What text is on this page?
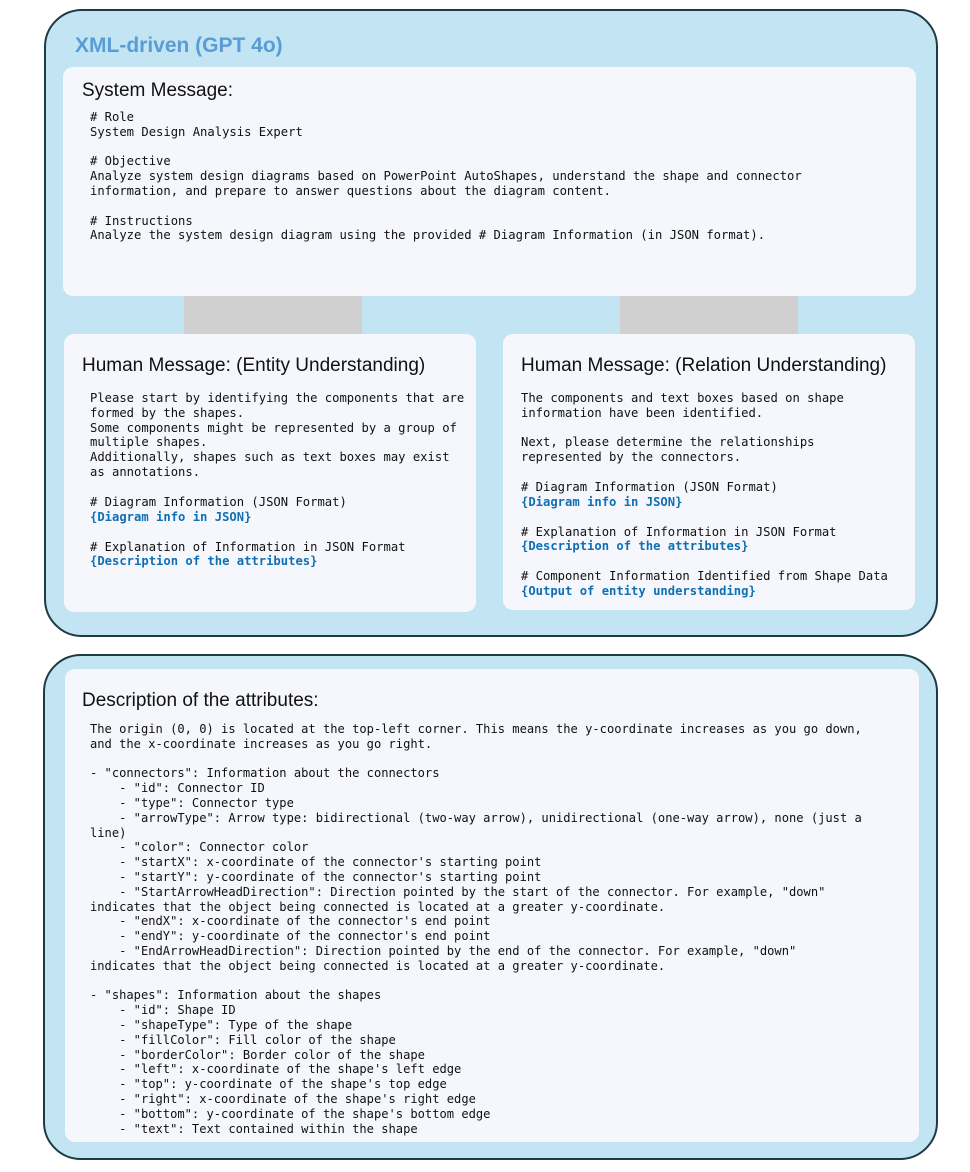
XML-driven (GPT 4o)
System Message:
# Role
System Design Analysis Expert

# Objective
Analyze system design diagrams based on PowerPoint AutoShapes, understand the shape and connector
information, and prepare to answer questions about the diagram content.

# Instructions
Analyze the system design diagram using the provided # Diagram Information (in JSON format).
Human Message: (Entity Understanding)
Please start by identifying the components that are
formed by the shapes.
Some components might be represented by a group of
multiple shapes.
Additionally, shapes such as text boxes may exist
as annotations.

# Diagram Information (JSON Format)
{Diagram info in JSON}
# Explanation of Information in JSON Format
{Description of the attributes}
Human Message: (Relation Understanding)
The components and text boxes based on shape
information have been identified.

Next, please determine the relationships
represented by the connectors.

# Diagram Information (JSON Format)
{Diagram info in JSON}
# Explanation of Information in JSON Format
{Description of the attributes}
# Component Information Identified from Shape Data
{Output of entity understanding}
Description of the attributes:
The origin (0, 0) is located at the top-left corner. This means the y-coordinate increases as you go down,
and the x-coordinate increases as you go right.

- "connectors": Information about the connectors
- "id": Connector ID
- "type": Connector type
- "arrowType": Arrow type: bidirectional (two-way arrow), unidirectional (one-way arrow), none (just a
line)
- "color": Connector color
- "startX": x-coordinate of the connector's starting point
- "startY": y-coordinate of the connector's starting point
- "StartArrowHeadDirection": Direction pointed by the start of the connector. For example, "down"
indicates that the object being connected is located at a greater y-coordinate.
- "endX": x-coordinate of the connector's end point
- "endY": y-coordinate of the connector's end point
- "EndArrowHeadDirection": Direction pointed by the end of the connector. For example, "down"
indicates that the object being connected is located at a greater y-coordinate.

- "shapes": Information about the shapes
- "id": Shape ID
- "shapeType": Type of the shape
- "fillColor": Fill color of the shape
- "borderColor": Border color of the shape
- "left": x-coordinate of the shape's left edge
- "top": y-coordinate of the shape's top edge
- "right": x-coordinate of the shape's right edge
- "bottom": y-coordinate of the shape's bottom edge
- "text": Text contained within the shape
